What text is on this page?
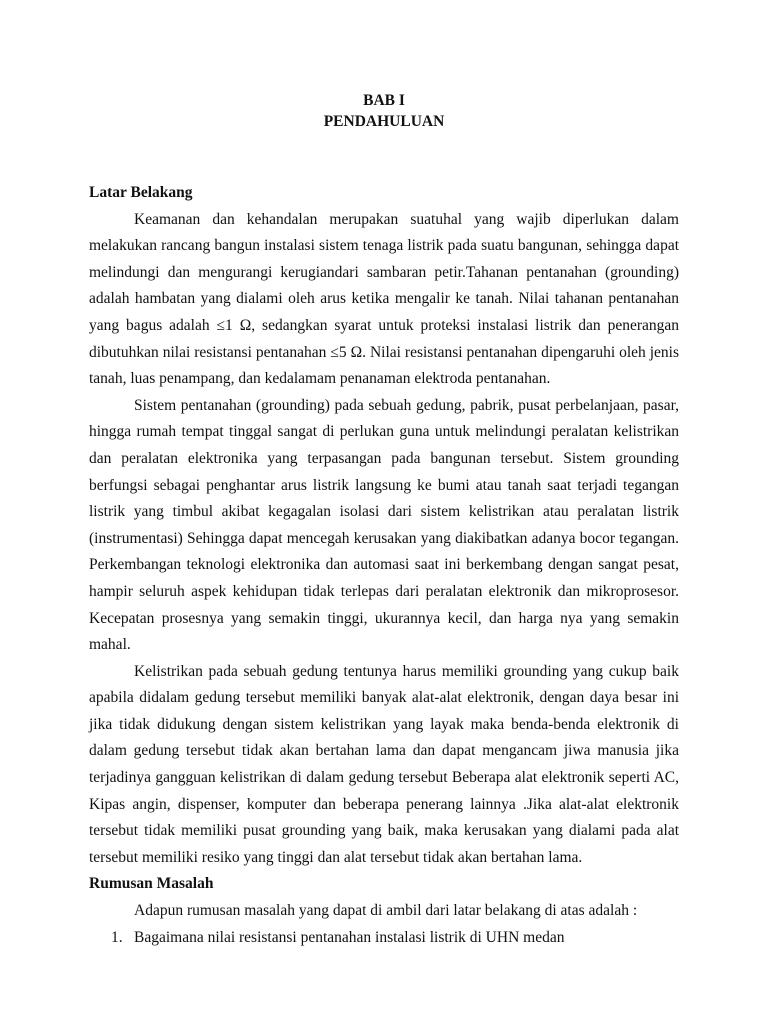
BAB I
PENDAHULUAN

Latar Belakang

Keamanan dan kehandalan merupakan suatuhal yang wajib diperlukan dalam melakukan rancang bangun instalasi sistem tenaga listrik pada suatu bangunan, sehingga dapat melindungi dan mengurangi kerugiandari sambaran petir.Tahanan pentanahan (grounding) adalah hambatan yang dialami oleh arus ketika mengalir ke tanah. Nilai tahanan pentanahan yang bagus adalah ≤1 Ω, sedangkan syarat untuk proteksi instalasi listrik dan penerangan dibutuhkan nilai resistansi pentanahan ≤5 Ω. Nilai resistansi pentanahan dipengaruhi oleh jenis tanah, luas penampang, dan kedalamam penanaman elektroda pentanahan.

Sistem pentanahan (grounding) pada sebuah gedung, pabrik, pusat perbelanjaan, pasar, hingga rumah tempat tinggal sangat di perlukan guna untuk melindungi peralatan kelistrikan dan peralatan elektronika yang terpasangan pada bangunan tersebut. Sistem grounding berfungsi sebagai penghantar arus listrik langsung ke bumi atau tanah saat terjadi tegangan listrik yang timbul akibat kegagalan isolasi dari sistem kelistrikan atau peralatan listrik (instrumentasi) Sehingga dapat mencegah kerusakan yang diakibatkan adanya bocor tegangan. Perkembangan teknologi elektronika dan automasi saat ini berkembang dengan sangat pesat, hampir seluruh aspek kehidupan tidak terlepas dari peralatan elektronik dan mikroprosesor. Kecepatan prosesnya yang semakin tinggi, ukurannya kecil, dan harga nya yang semakin mahal.

Kelistrikan pada sebuah gedung tentunya harus memiliki grounding yang cukup baik apabila didalam gedung tersebut memiliki banyak alat-alat elektronik, dengan daya besar ini jika tidak didukung dengan sistem kelistrikan yang layak maka benda-benda elektronik di dalam gedung tersebut tidak akan bertahan lama dan dapat mengancam jiwa manusia jika terjadinya gangguan kelistrikan di dalam gedung tersebut Beberapa alat elektronik seperti AC, Kipas angin, dispenser, komputer dan beberapa penerang lainnya .Jika alat-alat elektronik tersebut tidak memiliki pusat grounding yang baik, maka kerusakan yang dialami pada alat tersebut memiliki resiko yang tinggi dan alat tersebut tidak akan bertahan lama.

Rumusan Masalah

Adapun rumusan masalah yang dapat di ambil dari latar belakang di atas adalah :

1. Bagaimana nilai resistansi pentanahan instalasi listrik di UHN medan
